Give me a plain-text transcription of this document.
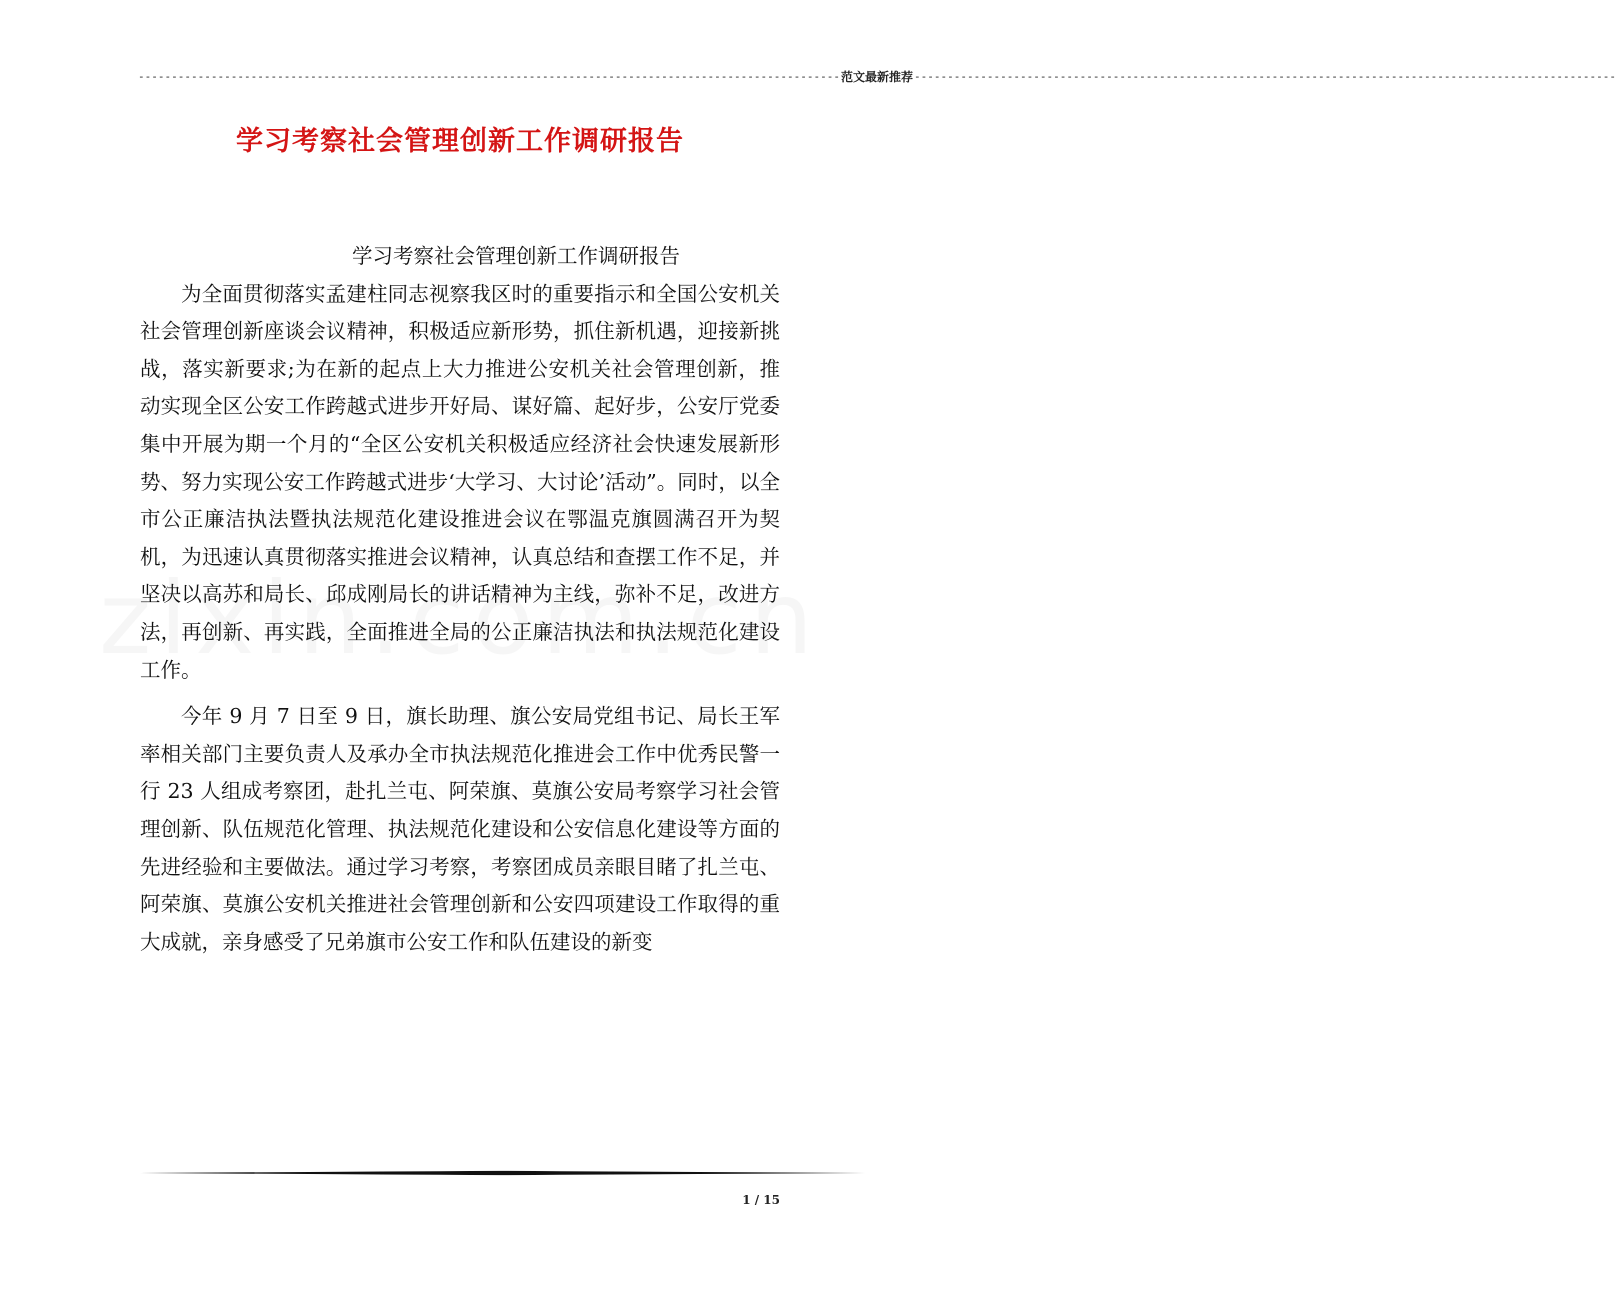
---------------------------------------------------------------------------------------------------------- 范文最新推荐 ----------------------------------------------------------------------------------------------------------
学习考察社会管理创新工作调研报告

学习考察社会管理创新工作调研报告

为全面贯彻落实孟建柱同志视察我区时的重要指示和全国公安机关社会管理创新座谈会议精神，积极适应新形势，抓住新机遇，迎接新挑战，落实新要求;为在新的起点上大力推进公安机关社会管理创新，推动实现全区公安工作跨越式进步开好局、谋好篇、起好步，公安厅党委集中开展为期一个月的“全区公安机关积极适应经济社会快速发展新形势、努力实现公安工作跨越式进步‘大学习、大讨论’活动”。同时，以全市公正廉洁执法暨执法规范化建设推进会议在鄂温克旗圆满召开为契机，为迅速认真贯彻落实推进会议精神，认真总结和查摆工作不足，并坚决以高苏和局长、邱成刚局长的讲话精神为主线，弥补不足，改进方法，再创新、再实践，全面推进全局的公正廉洁执法和执法规范化建设工作。

今年 9 月 7 日至 9 日，旗长助理、旗公安局党组书记、局长王军率相关部门主要负责人及承办全市执法规范化推进会工作中优秀民警一行 23 人组成考察团，赴扎兰屯、阿荣旗、莫旗公安局考察学习社会管理创新、队伍规范化管理、执法规范化建设和公安信息化建设等方面的先进经验和主要做法。通过学习考察，考察团成员亲眼目睹了扎兰屯、阿荣旗、莫旗公安机关推进社会管理创新和公安四项建设工作取得的重大成就，亲身感受了兄弟旗市公安工作和队伍建设的新变

1 / 15
